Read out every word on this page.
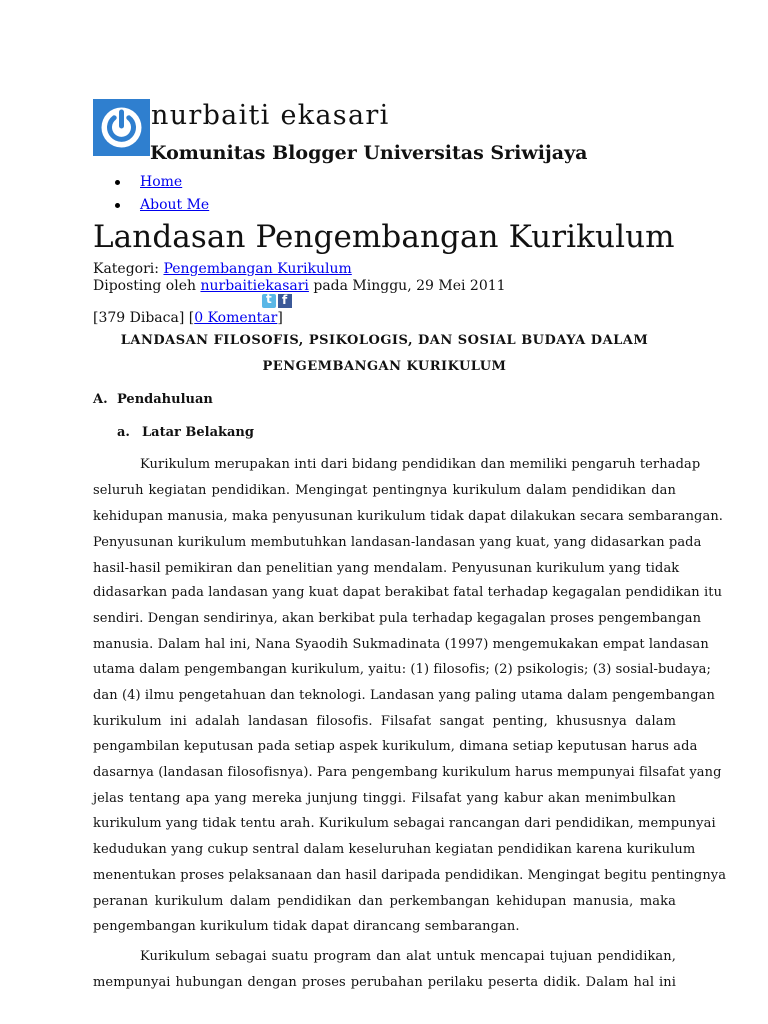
nurbaiti ekasari
Komunitas Blogger Universitas Sriwijaya
Home
About Me
Landasan Pengembangan Kurikulum
Kategori: Pengembangan Kurikulum
Diposting oleh nurbaitiekasari pada Minggu, 29 Mei 2011
tf
[379 Dibaca] [0 Komentar]
LANDASAN FILOSOFIS, PSIKOLOGIS, DAN SOSIAL BUDAYA DALAM
PENGEMBANGAN KURIKULUM
A. Pendahuluan
a. Latar Belakang
Kurikulum merupakan inti dari bidang pendidikan dan memiliki pengaruh terhadap
seluruh kegiatan pendidikan. Mengingat pentingnya kurikulum dalam pendidikan dan
kehidupan manusia, maka penyusunan kurikulum tidak dapat dilakukan secara sembarangan.
Penyusunan kurikulum membutuhkan landasan-landasan yang kuat, yang didasarkan pada
hasil-hasil pemikiran dan penelitian yang mendalam. Penyusunan kurikulum yang tidak
didasarkan pada landasan yang kuat dapat berakibat fatal terhadap kegagalan pendidikan itu
sendiri. Dengan sendirinya, akan berkibat pula terhadap kegagalan proses pengembangan
manusia. Dalam hal ini, Nana Syaodih Sukmadinata (1997) mengemukakan empat landasan
utama dalam pengembangan kurikulum, yaitu: (1) filosofis; (2) psikologis; (3) sosial-budaya;
dan (4) ilmu pengetahuan dan teknologi. Landasan yang paling utama dalam pengembangan
kurikulum ini adalah landasan filosofis. Filsafat sangat penting, khususnya dalam
pengambilan keputusan pada setiap aspek kurikulum, dimana setiap keputusan harus ada
dasarnya (landasan filosofisnya). Para pengembang kurikulum harus mempunyai filsafat yang
jelas tentang apa yang mereka junjung tinggi. Filsafat yang kabur akan menimbulkan
kurikulum yang tidak tentu arah. Kurikulum sebagai rancangan dari pendidikan, mempunyai
kedudukan yang cukup sentral dalam keseluruhan kegiatan pendidikan karena kurikulum
menentukan proses pelaksanaan dan hasil daripada pendidikan. Mengingat begitu pentingnya
peranan kurikulum dalam pendidikan dan perkembangan kehidupan manusia, maka
pengembangan kurikulum tidak dapat dirancang sembarangan.
Kurikulum sebagai suatu program dan alat untuk mencapai tujuan pendidikan,
mempunyai hubungan dengan proses perubahan perilaku peserta didik. Dalam hal ini
